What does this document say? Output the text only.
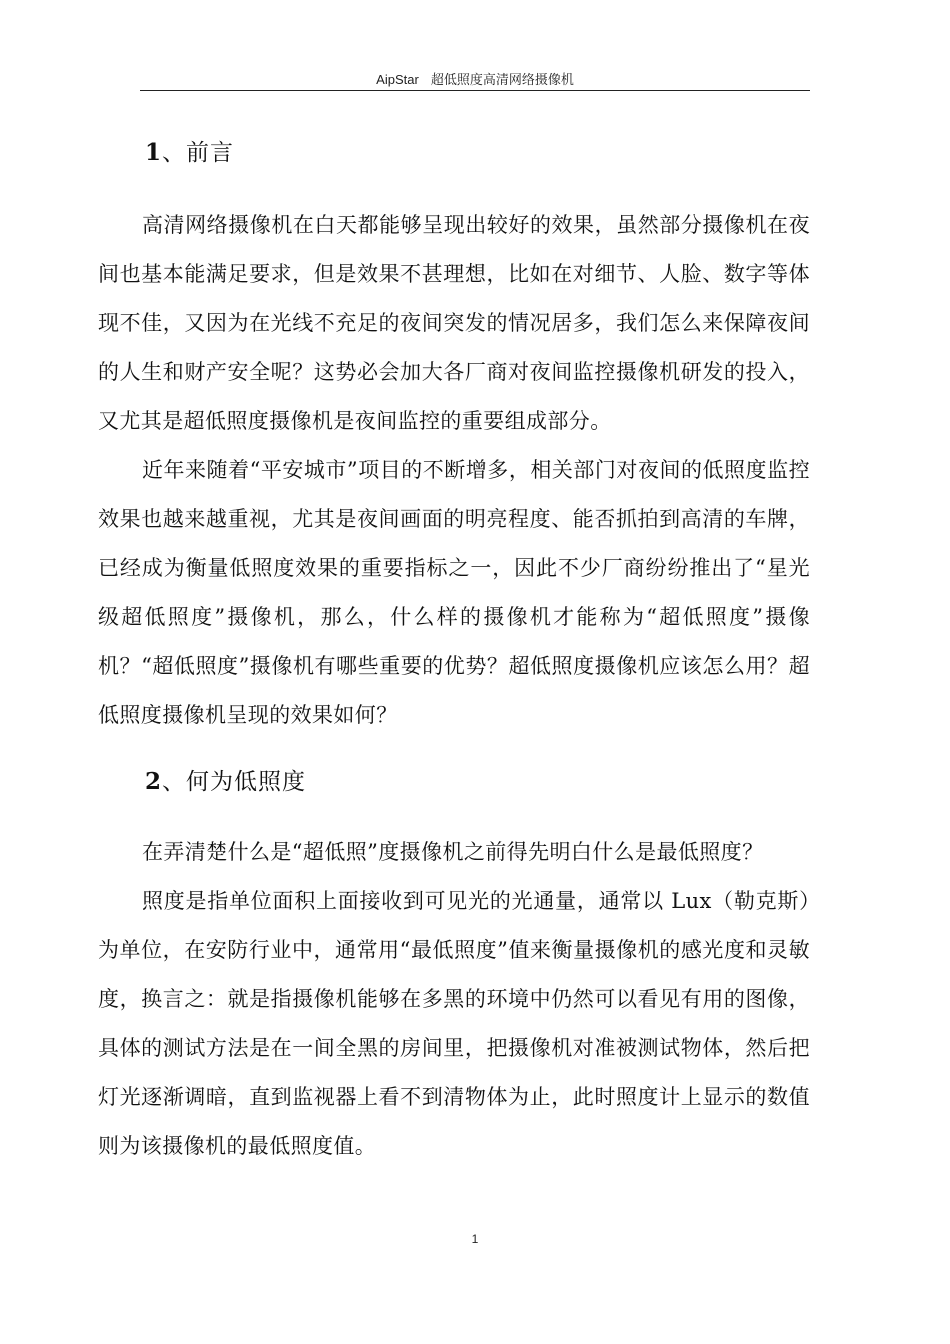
AipStar 超低照度高清网络摄像机
1、前言

高清网络摄像机在白天都能够呈现出较好的效果，虽然部分摄像机在夜间也基本能满足要求，但是效果不甚理想，比如在对细节、人脸、数字等体现不佳，又因为在光线不充足的夜间突发的情况居多，我们怎么来保障夜间的人生和财产安全呢？这势必会加大各厂商对夜间监控摄像机研发的投入，又尤其是超低照度摄像机是夜间监控的重要组成部分。

近年来随着“平安城市”项目的不断增多，相关部门对夜间的低照度监控效果也越来越重视，尤其是夜间画面的明亮程度、能否抓拍到高清的车牌，已经成为衡量低照度效果的重要指标之一，因此不少厂商纷纷推出了“星光级超低照度”摄像机，那么，什么样的摄像机才能称为“超低照度”摄像机？“超低照度”摄像机有哪些重要的优势？超低照度摄像机应该怎么用？超低照度摄像机呈现的效果如何？

2、何为低照度

在弄清楚什么是“超低照”度摄像机之前得先明白什么是最低照度？

照度是指单位面积上面接收到可见光的光通量，通常以 Lux（勒克斯）为单位，在安防行业中，通常用“最低照度”值来衡量摄像机的感光度和灵敏度，换言之：就是指摄像机能够在多黑的环境中仍然可以看见有用的图像，具体的测试方法是在一间全黑的房间里，把摄像机对准被测试物体，然后把灯光逐渐调暗，直到监视器上看不到清物体为止，此时照度计上显示的数值则为该摄像机的最低照度值。

1
